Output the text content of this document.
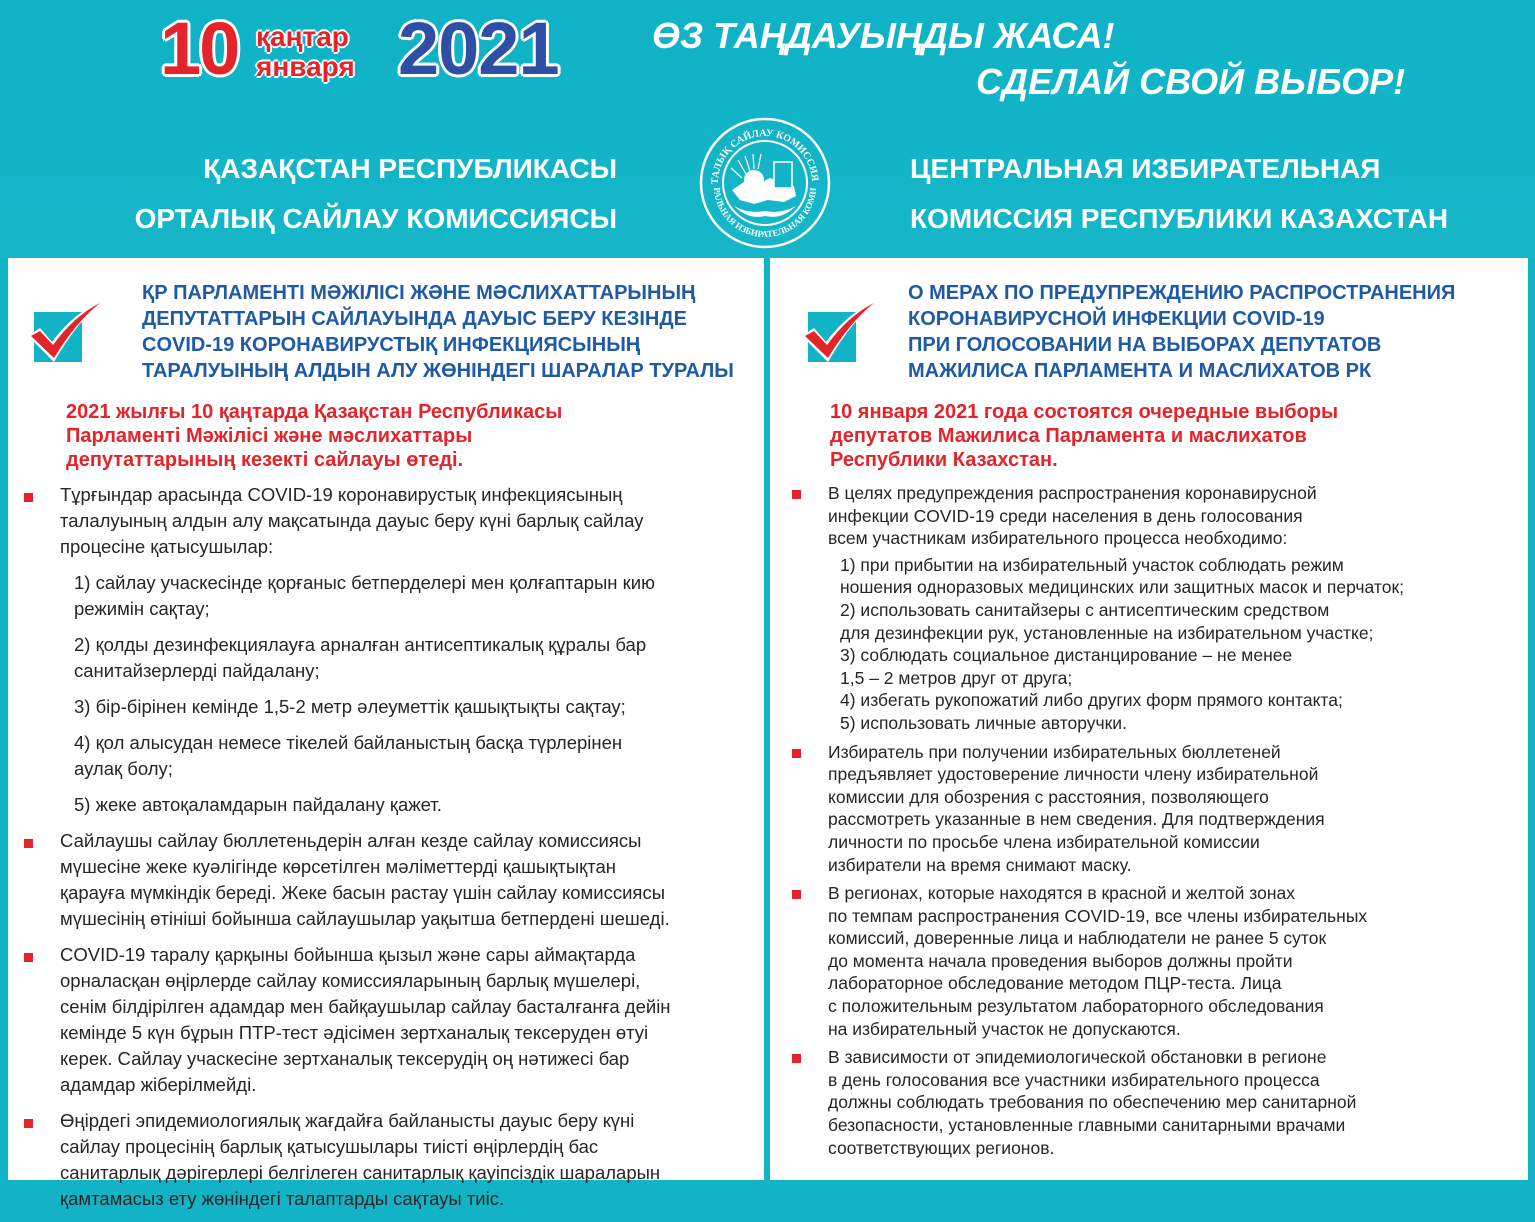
10 қаңтар
января 2021	ӨЗ ТАҢДАУЫҢДЫ ЖАСА!
СДЕЛАЙ СВОЙ ВЫБОР!
ҚАЗАҚСТАН РЕСПУБЛИКАСЫ
ОРТАЛЫҚ САЙЛАУ КОМИССИЯСЫ
ТАЛЫҚ САЙЛАУ КОМИССИЯ
РАЛЬНАЯ ИЗБИРАТЕЛЬНАЯ КОМИ
ЦЕНТРАЛЬНАЯ ИЗБИРАТЕЛЬНАЯ
КОМИССИЯ РЕСПУБЛИКИ КАЗАХСТАН
ҚР ПАРЛАМЕНТІ МӘЖІЛІСІ ЖӘНЕ МӘСЛИХАТТАРЫНЫҢ
ДЕПУТАТТАРЫН САЙЛАУЫНДА ДАУЫС БЕРУ КЕЗІНДЕ
COVID-19 КОРОНАВИРУСТЫҚ ИНФЕКЦИЯСЫНЫҢ
ТАРАЛУЫНЫҢ АЛДЫН АЛУ ЖӨНІНДЕГІ ШАРАЛАР ТУРАЛЫ
2021 жылғы 10 қаңтарда Қазақстан Республикасы
Парламенті Мәжілісі және мәслихаттары
депутаттарының кезекті сайлауы өтеді.
Тұрғындар арасында COVID-19 коронавирустық инфекциясының
талалуының алдын алу мақсатында дауыс беру күні барлық сайлау
процесіне қатысушылар:
1) сайлау учаскесінде қорғаныс бетперделері мен қолғаптарын кию
режимін сақтау;
2) қолды дезинфекциялауға арналған антисептикалық құралы бар
санитайзерлерді пайдалану;
3) бір-бірінен кемінде 1,5-2 метр әлеуметтік қашықтықты сақтау;
4) қол алысудан немесе тікелей байланыстың басқа түрлерінен
аулақ болу;
5) жеке автоқаламдарын пайдалану қажет.
Сайлаушы сайлау бюллетеньдерін алған кезде сайлау комиссиясы
мүшесіне жеке куәлігінде көрсетілген мәліметтерді қашықтықтан
қарауға мүмкіндік береді. Жеке басын растау үшін сайлау комиссиясы
мүшесінің өтініші бойынша сайлаушылар уақытша бетпердені шешеді.
COVID-19 таралу қарқыны бойынша қызыл және сары аймақтарда
орналасқан өңірлерде сайлау комиссияларының барлық мүшелері,
сенім білдірілген адамдар мен байқаушылар сайлау басталғанға дейін
кемінде 5 күн бұрын ПТР-тест әдісімен зертханалық тексеруден өтуі
керек. Сайлау учаскесіне зертханалық тексерудің оң нәтижесі бар
адамдар жіберілмейді.
Өңірдегі эпидемиологиялық жағдайға байланысты дауыс беру күні
сайлау процесінің барлық қатысушылары тиісті өңірлердің бас
санитарлық дәрігерлері белгілеген санитарлық қауіпсіздік шараларын
қамтамасыз ету жөніндегі талаптарды сақтауы тиіс.
О МЕРАХ ПО ПРЕДУПРЕЖДЕНИЮ РАСПРОСТРАНЕНИЯ
КОРОНАВИРУСНОЙ ИНФЕКЦИИ COVID-19
ПРИ ГОЛОСОВАНИИ НА ВЫБОРАХ ДЕПУТАТОВ
МАЖИЛИСА ПАРЛАМЕНТА И МАСЛИХАТОВ РК
10 января 2021 года состоятся очередные выборы
депутатов Мажилиса Парламента и маслихатов
Республики Казахстан.
В целях предупреждения распространения коронавирусной
инфекции COVID-19 среди населения в день голосования
всем участникам избирательного процесса необходимо:
1) при прибытии на избирательный участок соблюдать режим
ношения одноразовых медицинских или защитных масок и перчаток;
2) использовать санитайзеры с антисептическим средством
для дезинфекции рук, установленные на избирательном участке;
3) соблюдать социальное дистанцирование – не менее
1,5 – 2 метров друг от друга;
4) избегать рукопожатий либо других форм прямого контакта;
5) использовать личные авторучки.
Избиратель при получении избирательных бюллетеней
предъявляет удостоверение личности члену избирательной
комиссии для обозрения с расстояния, позволяющего
рассмотреть указанные в нем сведения. Для подтверждения
личности по просьбе члена избирательной комиссии
избиратели на время снимают маску.
В регионах, которые находятся в красной и желтой зонах
по темпам распространения COVID-19, все члены избирательных
комиссий, доверенные лица и наблюдатели не ранее 5 суток
до момента начала проведения выборов должны пройти
лабораторное обследование методом ПЦР-теста. Лица
с положительным результатом лабораторного обследования
на избирательный участок не допускаются.
В зависимости от эпидемиологической обстановки в регионе
в день голосования все участники избирательного процесса
должны соблюдать требования по обеспечению мер санитарной
безопасности, установленные главными санитарными врачами
соответствующих регионов.
